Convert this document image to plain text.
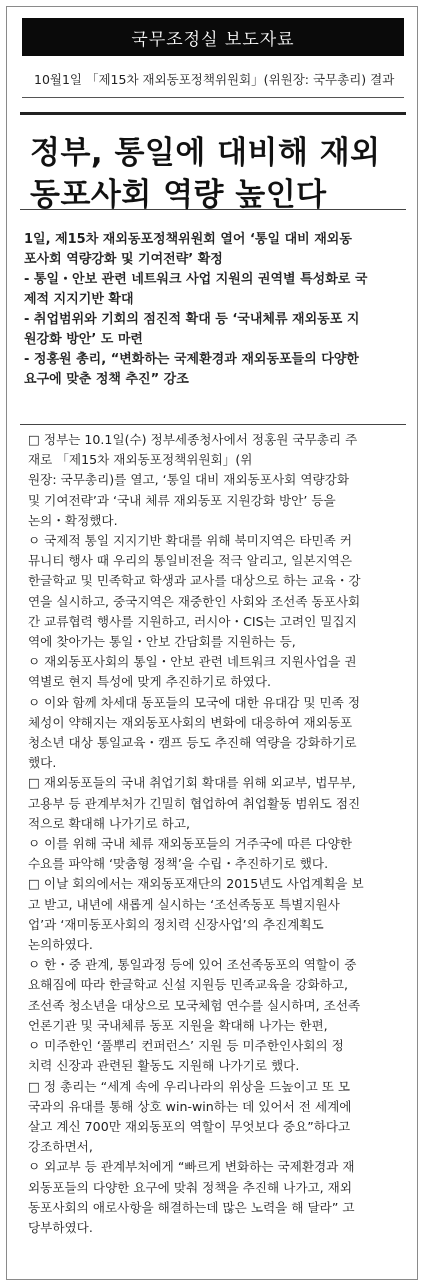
국무조정실 보도자료
10월1일 「제15차 재외동포정책위원회」(위원장: 국무총리) 결과
정부, 통일에 대비해 재외
동포사회 역량 높인다
1일, 제15차 재외동포정책위원회 열어 ‘통일 대비 재외동
포사회 역량강화 및 기여전략’ 확정
- 통일・안보 관련 네트워크 사업 지원의 권역별 특성화로 국
제적 지지기반 확대
- 취업범위와 기회의 점진적 확대 등 ‘국내체류 재외동포 지
원강화 방안’ 도 마련
- 정홍원 총리, “변화하는 국제환경과 재외동포들의 다양한
요구에 맞춘 정책 추진” 강조
□ 정부는 10.1일(수) 정부세종청사에서 정홍원 국무총리 주
재로 「제15차 재외동포정책위원회」(위
원장: 국무총리)를 열고, ‘통일 대비 재외동포사회 역량강화
및 기여전략’과 ‘국내 체류 재외동포 지원강화 방안’ 등을
논의・확정했다.
ㅇ 국제적 통일 지지기반 확대를 위해 북미지역은 타민족 커
뮤니티 행사 때 우리의 통일비전을 적극 알리고, 일본지역은
한글학교 및 민족학교 학생과 교사를 대상으로 하는 교육・강
연을 실시하고, 중국지역은 재중한인 사회와 조선족 동포사회
간 교류협력 행사를 지원하고, 러시아・CIS는 고려인 밀집지
역에 찾아가는 통일・안보 간담회를 지원하는 등,
ㅇ 재외동포사회의 통일・안보 관련 네트워크 지원사업을 권
역별로 현지 특성에 맞게 추진하기로 하였다.
ㅇ 이와 함께 차세대 동포들의 모국에 대한 유대감 및 민족 정
체성이 약해지는 재외동포사회의 변화에 대응하여 재외동포
청소년 대상 통일교육・캠프 등도 추진해 역량을 강화하기로
했다.
□ 재외동포들의 국내 취업기회 확대를 위해 외교부, 법무부,
고용부 등 관계부처가 긴밀히 협업하여 취업활동 범위도 점진
적으로 확대해 나가기로 하고,
ㅇ 이를 위해 국내 체류 재외동포들의 거주국에 따른 다양한
수요를 파악해 ‘맞춤형 정책’을 수립・추진하기로 했다.
□ 이날 회의에서는 재외동포재단의 2015년도 사업계획을 보
고 받고, 내년에 새롭게 실시하는 ‘조선족동포 특별지원사
업’과 ‘재미동포사회의 정치력 신장사업’의 추진계획도
논의하였다.
ㅇ 한・중 관계, 통일과정 등에 있어 조선족동포의 역할이 중
요해짐에 따라 한글학교 신설 지원등 민족교육을 강화하고,
조선족 청소년을 대상으로 모국체험 연수를 실시하며, 조선족
언론기관 및 국내체류 동포 지원을 확대해 나가는 한편,
ㅇ 미주한인 ‘풀뿌리 컨퍼런스’ 지원 등 미주한인사회의 정
치력 신장과 관련된 활동도 지원해 나가기로 했다.
□ 정 총리는 “세계 속에 우리나라의 위상을 드높이고 또 모
국과의 유대를 통해 상호 win-win하는 데 있어서 전 세계에
살고 계신 700만 재외동포의 역할이 무엇보다 중요”하다고
강조하면서,
ㅇ 외교부 등 관계부처에게 “빠르게 변화하는 국제환경과 재
외동포들의 다양한 요구에 맞춰 정책을 추진해 나가고, 재외
동포사회의 애로사항을 해결하는데 많은 노력을 해 달라” 고
당부하였다.
